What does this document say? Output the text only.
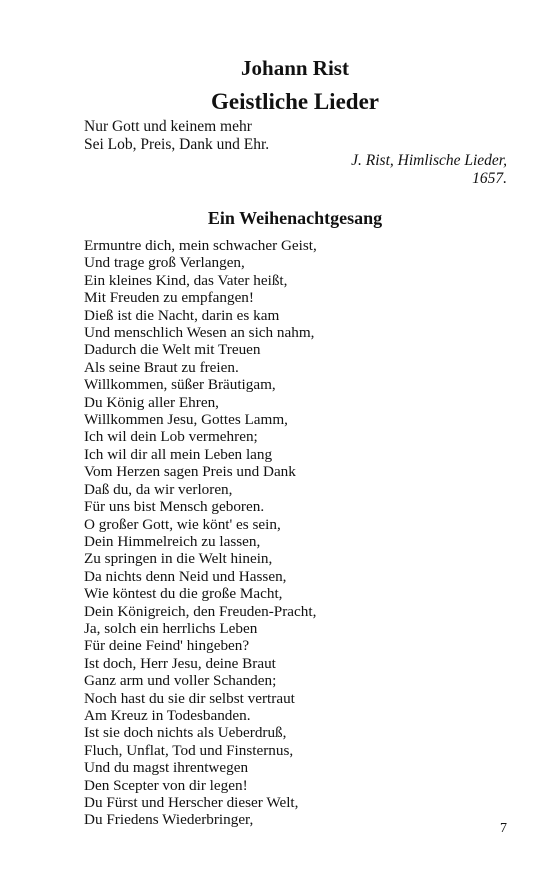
Johann Rist
Geistliche Lieder
Nur Gott und keinem mehr
Sei Lob, Preis, Dank und Ehr.
J. Rist, Himlische Lieder,
1657.
Ein Weihenachtgesang
Ermuntre dich, mein schwacher Geist,
Und trage groß Verlangen,
Ein kleines Kind, das Vater heißt,
Mit Freuden zu empfangen!
Dieß ist die Nacht, darin es kam
Und menschlich Wesen an sich nahm,
Dadurch die Welt mit Treuen
Als seine Braut zu freien.
Willkommen, süßer Bräutigam,
Du König aller Ehren,
Willkommen Jesu, Gottes Lamm,
Ich wil dein Lob vermehren;
Ich wil dir all mein Leben lang
Vom Herzen sagen Preis und Dank
Daß du, da wir verloren,
Für uns bist Mensch geboren.
O großer Gott, wie könt' es sein,
Dein Himmelreich zu lassen,
Zu springen in die Welt hinein,
Da nichts denn Neid und Hassen,
Wie köntest du die große Macht,
Dein Königreich, den Freuden-Pracht,
Ja, solch ein herrlichs Leben
Für deine Feind' hingeben?
Ist doch, Herr Jesu, deine Braut
Ganz arm und voller Schanden;
Noch hast du sie dir selbst vertraut
Am Kreuz in Todesbanden.
Ist sie doch nichts als Ueberdruß,
Fluch, Unflat, Tod und Finsternus,
Und du magst ihrentwegen
Den Scepter von dir legen!
Du Fürst und Herscher dieser Welt,
Du Friedens Wiederbringer,
7
